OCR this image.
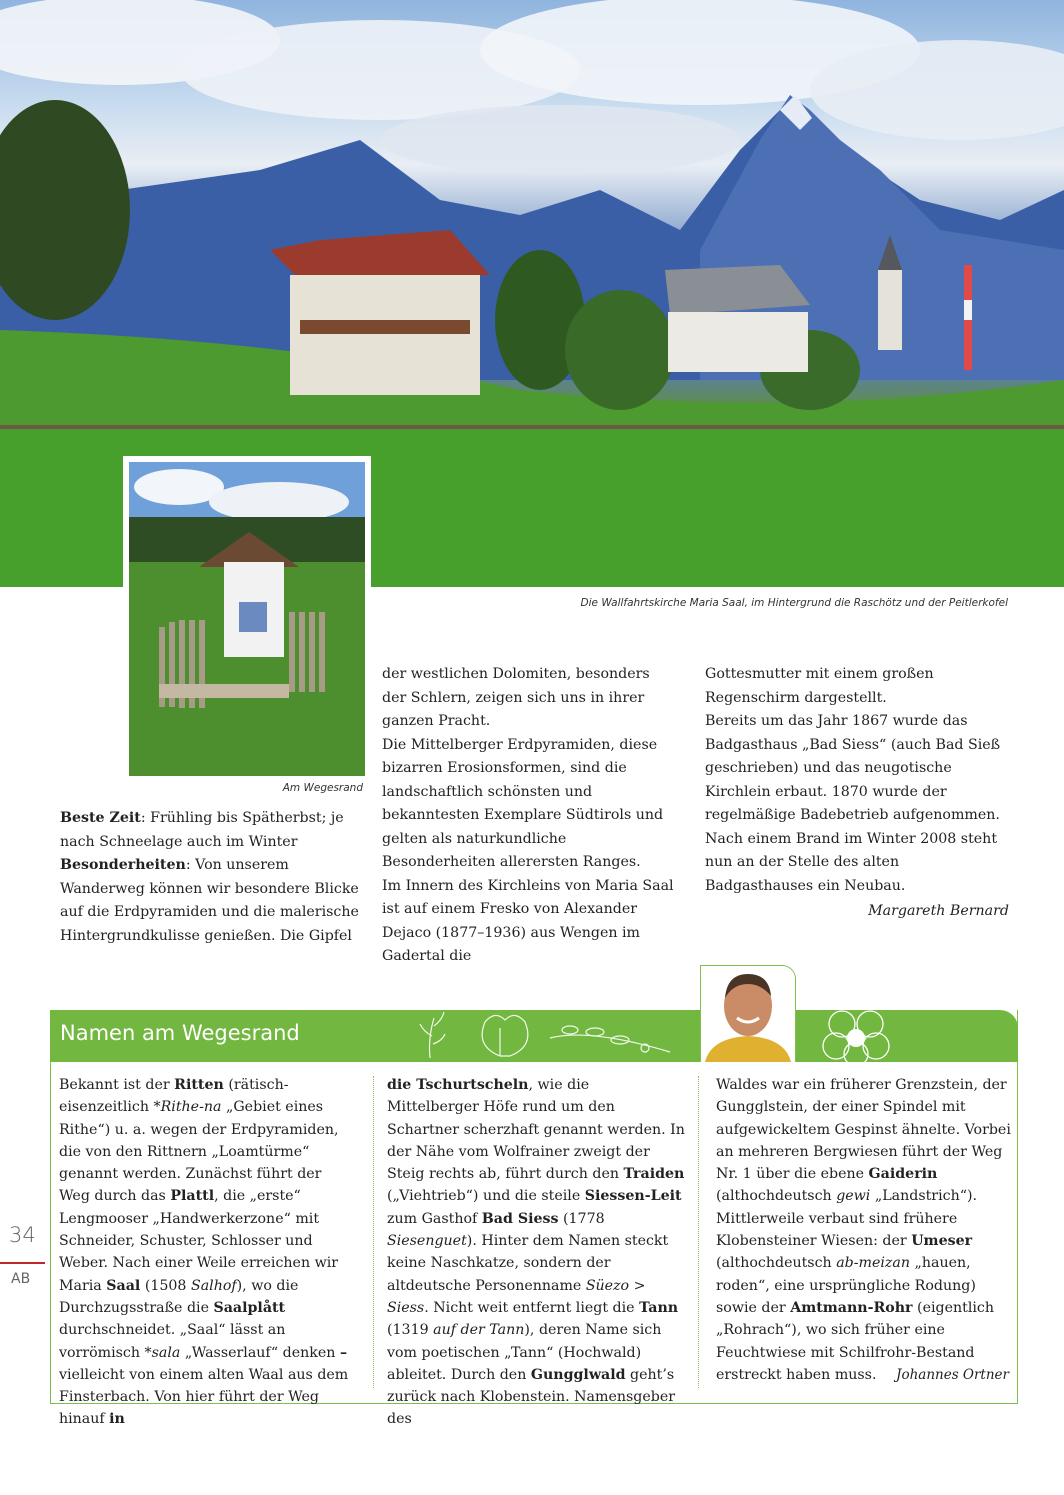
Die Wallfahrtskirche Maria Saal, im Hintergrund die Raschötz und der Peitlerkofel
Am Wegesrand

Beste Zeit: Frühling bis Spätherbst; je nach Schneelage auch im Winter

Besonderheiten: Von unserem Wanderweg können wir besondere Blicke auf die Erdpyramiden und die malerische Hintergrundkulisse genießen. Die Gipfel

der westlichen Dolomiten, besonders der Schlern, zeigen sich uns in ihrer ganzen Pracht.

Die Mittelberger Erdpyramiden, diese bizarren Erosionsformen, sind die landschaftlich schönsten und bekanntesten Exemplare Südtirols und gelten als naturkundliche Besonderheiten allerersten Ranges.

Im Innern des Kirchleins von Maria Saal ist auf einem Fresko von Alexander Dejaco (1877–1936) aus Wengen im Gadertal die

Gottesmutter mit einem großen Regenschirm dargestellt.

Bereits um das Jahr 1867 wurde das Badgasthaus „Bad Siess“ (auch Bad Sieß geschrieben) und das neugotische Kirchlein erbaut. 1870 wurde der regelmäßige Badebetrieb aufgenommen. Nach einem Brand im Winter 2008 steht nun an der Stelle des alten Badgasthauses ein Neubau.

Margareth Bernard
Namen am Wegesrand
Bekannt ist der Ritten (rätisch-eisenzeitlich *Rithe-na „Gebiet eines Rithe“) u. a. wegen der Erdpyramiden, die von den Rittnern „Loamtürme“ genannt werden. Zunächst führt der Weg durch das Plattl, die „erste“ Lengmooser „Handwerkerzone“ mit Schneider, Schuster, Schlosser und Weber. Nach einer Weile erreichen wir Maria Saal (1508 Salhof), wo die Durchzugsstraße die Saalplått durchschneidet. „Saal“ lässt an vorrömisch *sala „Wasserlauf“ denken – vielleicht von einem alten Waal aus dem Finsterbach. Von hier führt der Weg hinauf in
die Tschurtscheln, wie die Mittelberger Höfe rund um den Schartner scherzhaft genannt werden. In der Nähe vom Wolfrainer zweigt der Steig rechts ab, führt durch den Traiden („Viehtrieb“) und die steile Siessen-Leit zum Gasthof Bad Siess (1778 Siesenguet). Hinter dem Namen steckt keine Naschkatze, sondern der altdeutsche Personenname Süezo > Siess. Nicht weit entfernt liegt die Tann (1319 auf der Tann), deren Name sich vom poetischen „Tann“ (Hochwald) ableitet. Durch den Gungglwald geht’s zurück nach Klobenstein. Namensgeber des
Waldes war ein früherer Grenzstein, der Gungglstein, der einer Spindel mit aufgewickeltem Gespinst ähnelte. Vorbei an mehreren Bergwiesen führt der Weg Nr. 1 über die ebene Gaiderin (althochdeutsch gewi „Landstrich“). Mittlerweile verbaut sind frühere Klobensteiner Wiesen: der Umeser (althochdeutsch ab-meizan „hauen, roden“, eine ursprüngliche Rodung) sowie der Amtmann-Rohr (eigentlich „Rohrach“), wo sich früher eine Feuchtwiese mit Schilfrohr-Bestand erstreckt haben muss.	Johannes Ortner
34
AB
